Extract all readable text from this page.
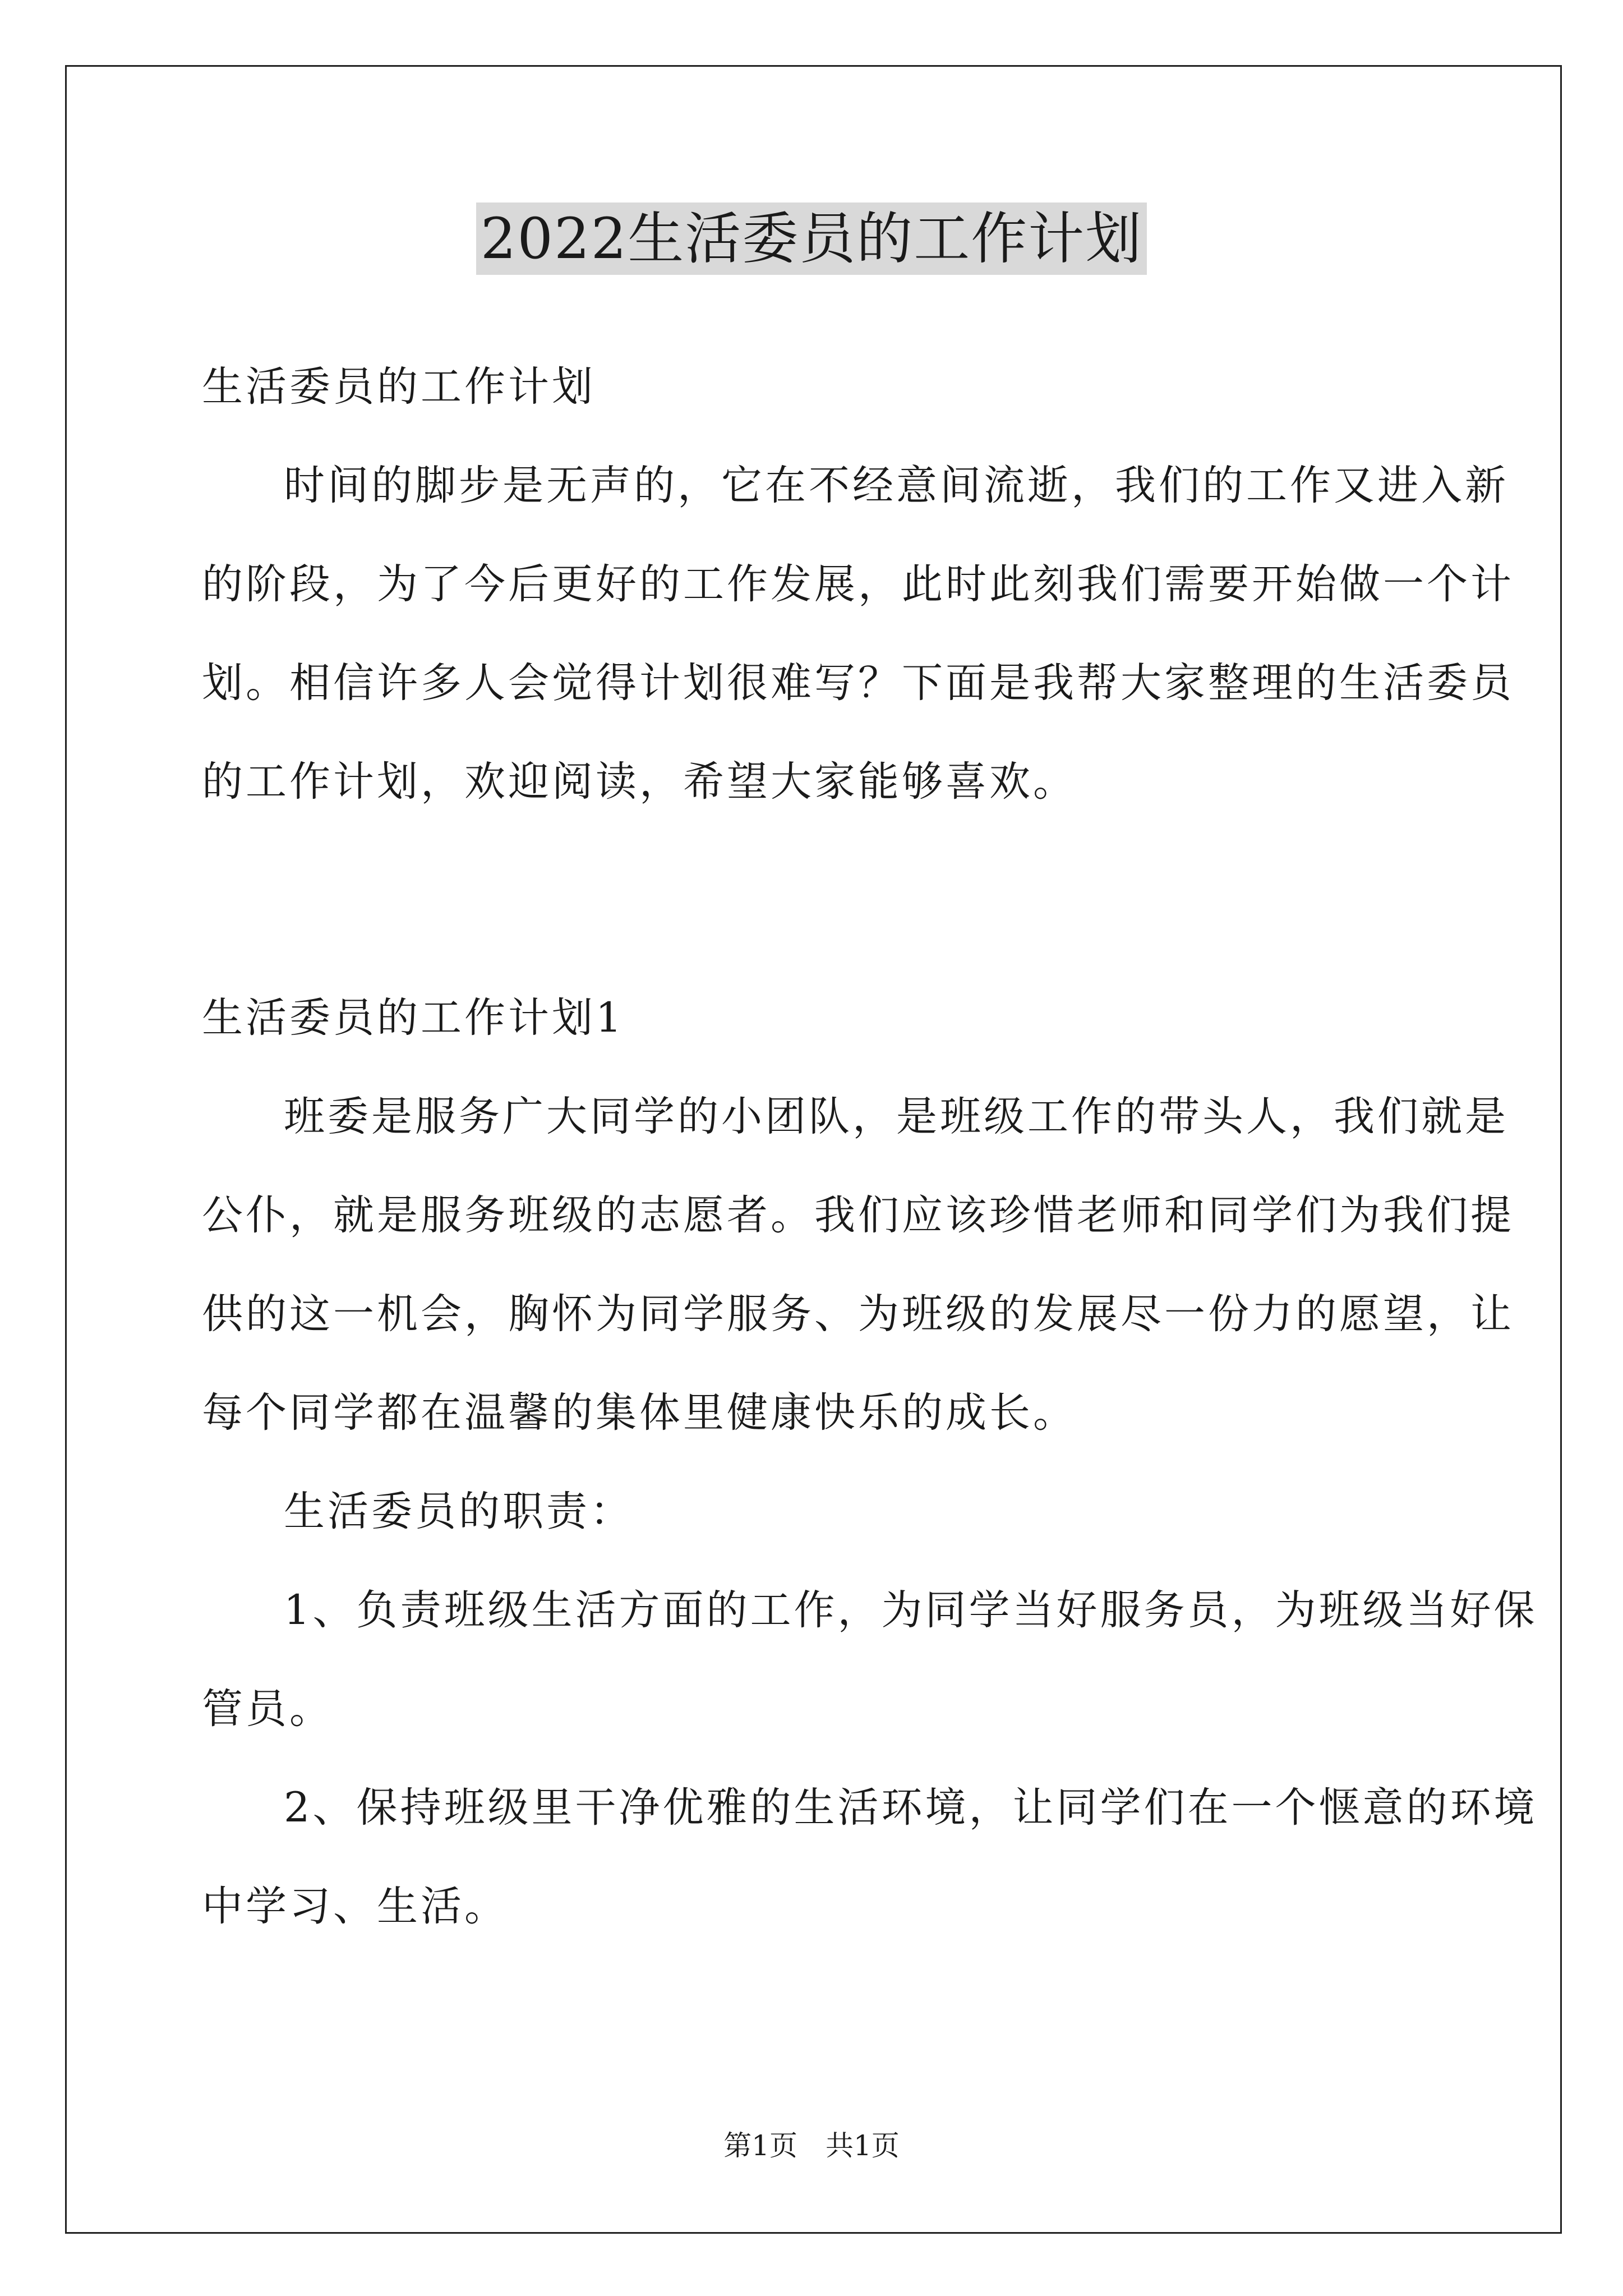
2022生活委员的工作计划
生活委员的工作计划
时间的脚步是无声的，它在不经意间流逝，我们的工作又进入新
的阶段，为了今后更好的工作发展，此时此刻我们需要开始做一个计
划。相信许多人会觉得计划很难写？下面是我帮大家整理的生活委员
的工作计划，欢迎阅读，希望大家能够喜欢。
生活委员的工作计划1
班委是服务广大同学的小团队，是班级工作的带头人，我们就是
公仆，就是服务班级的志愿者。我们应该珍惜老师和同学们为我们提
供的这一机会，胸怀为同学服务、为班级的发展尽一份力的愿望，让
每个同学都在温馨的集体里健康快乐的成长。
生活委员的职责：
1、负责班级生活方面的工作，为同学当好服务员，为班级当好保
管员。
2、保持班级里干净优雅的生活环境，让同学们在一个惬意的环境
中学习、生活。
第1页　共1页
